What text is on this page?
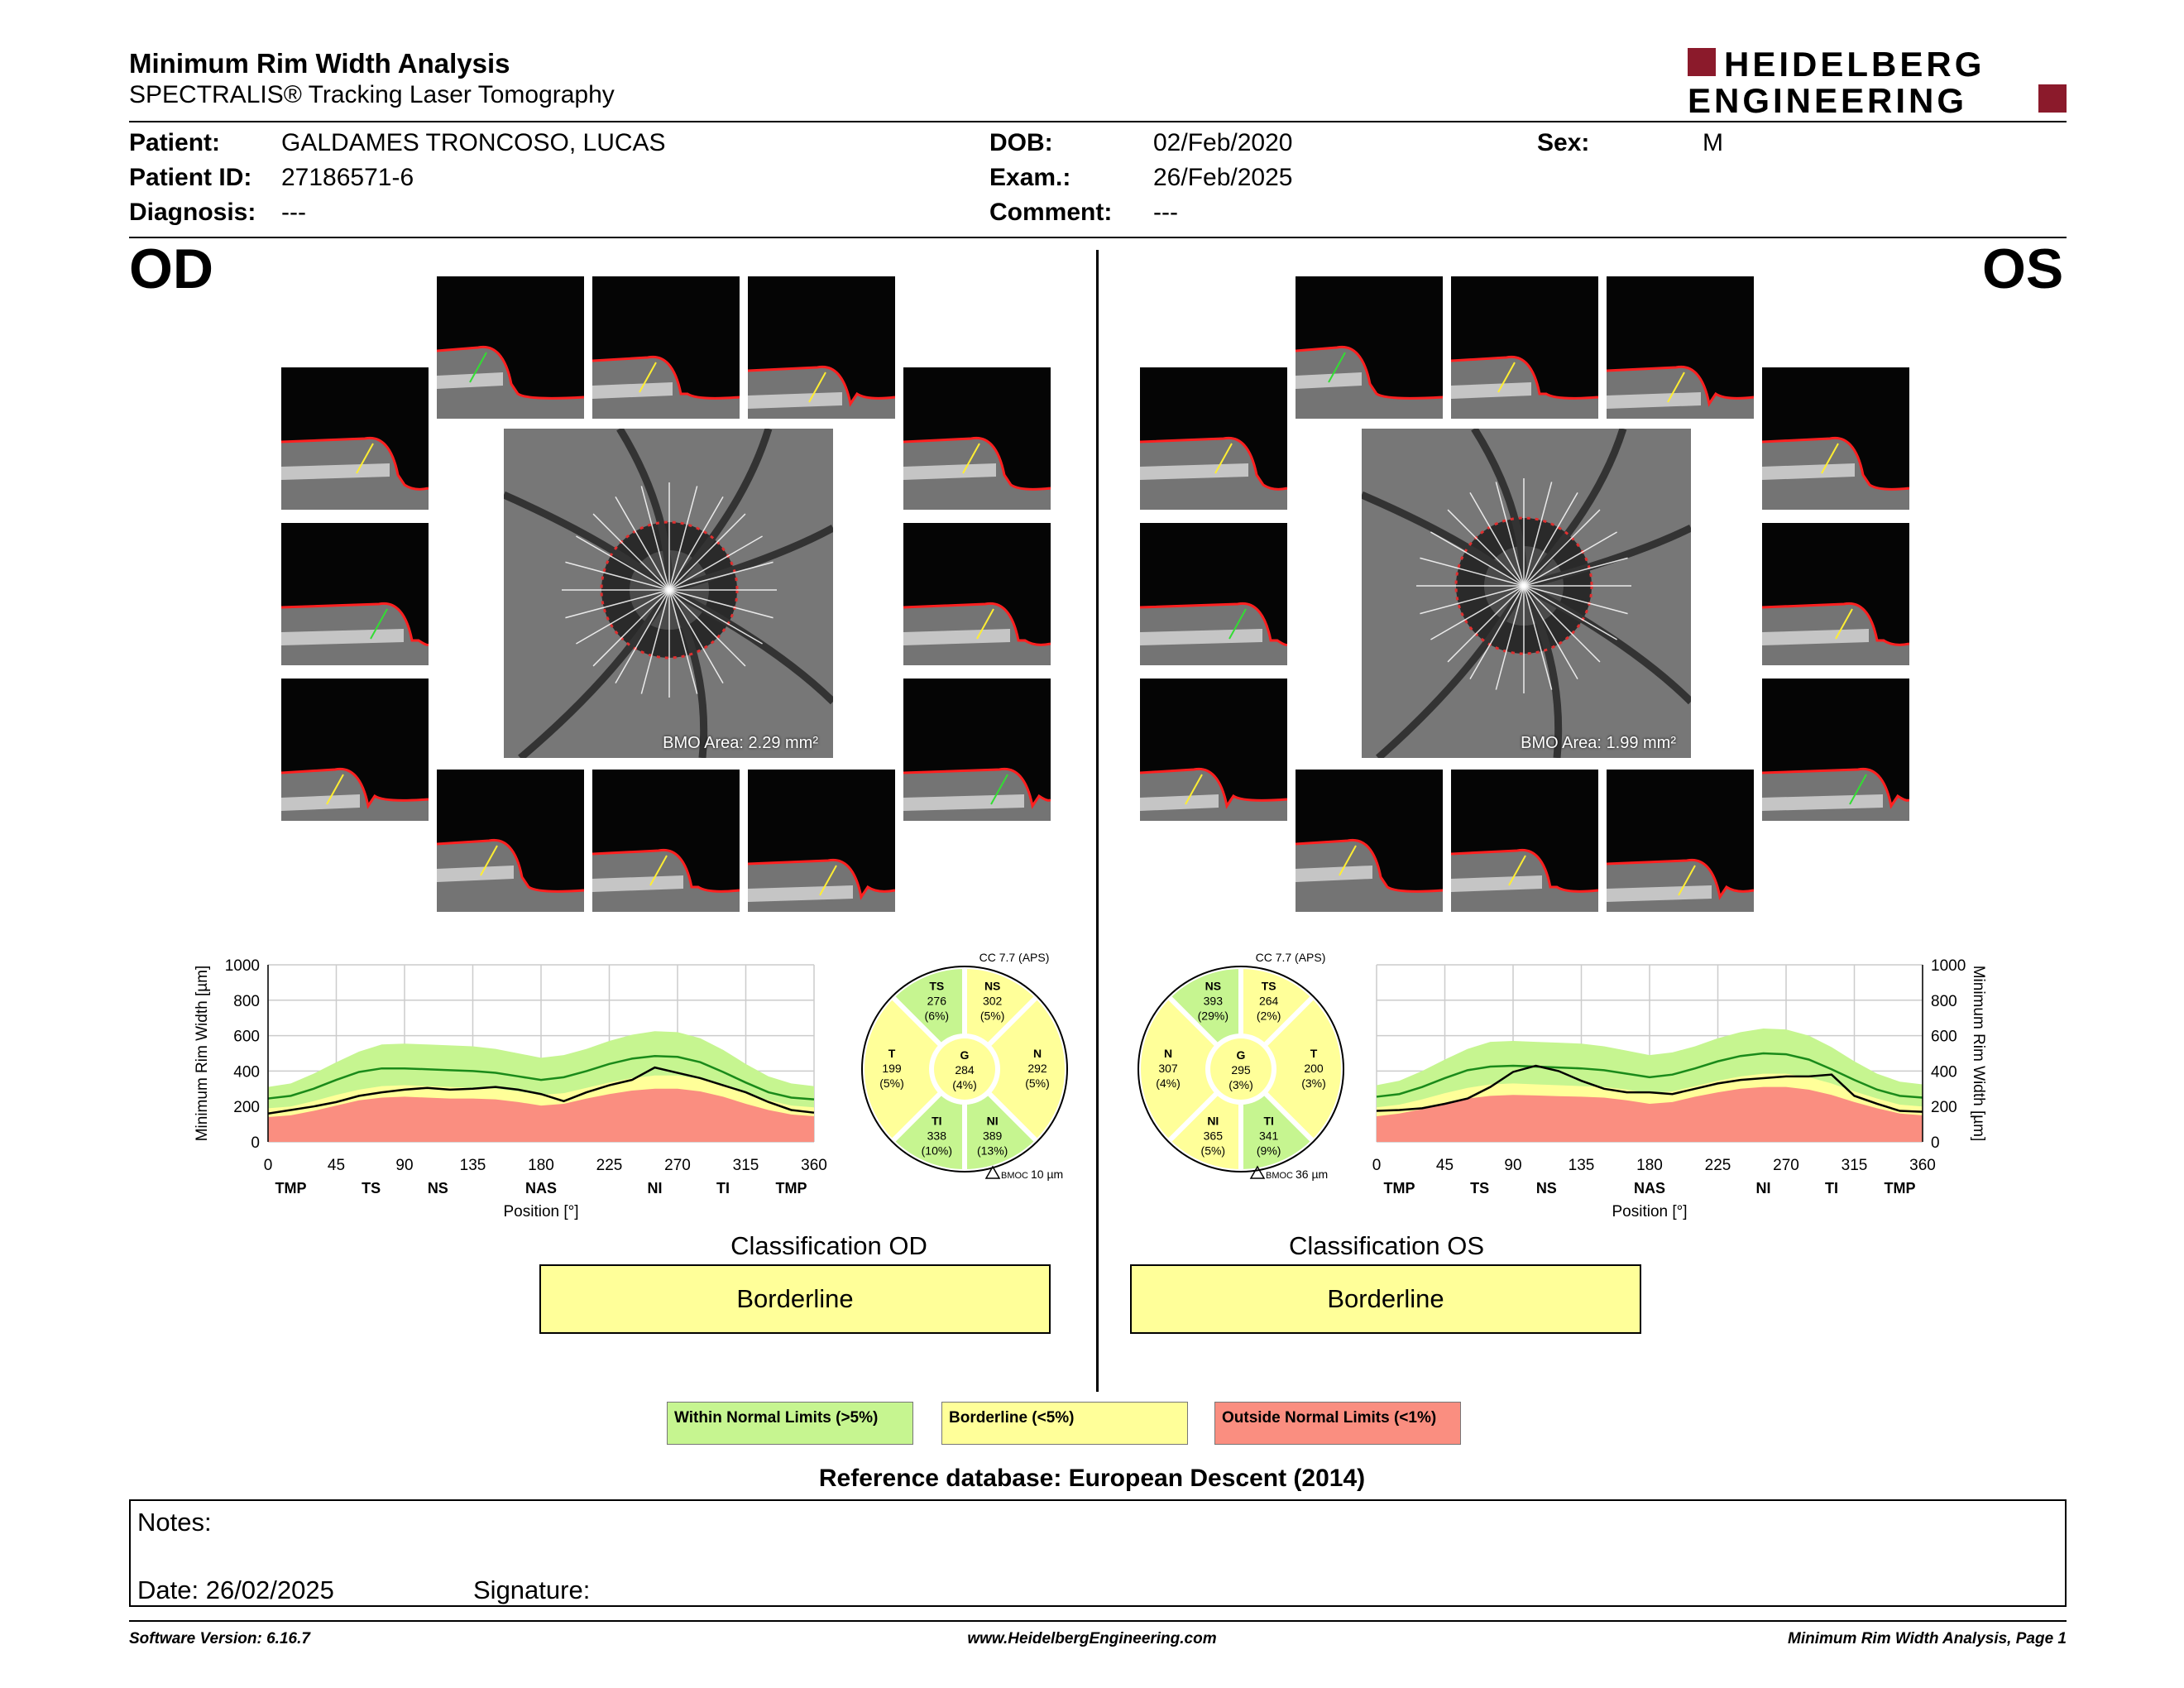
Minimum Rim Width Analysis
SPECTRALIS® Tracking Laser Tomography
HEIDELBERG
ENGINEERING
Patient: GALDAMES TRONCOSO, LUCAS
Patient ID: 27186571-6
Diagnosis: ---
DOB:	02/Feb/2020
Exam.:	26/Feb/2025
Comment: ---
Sex:	M
OD	OS
BMO Area: 2.29 mm²	BMO Area: 1.99 mm²
0
200
400
600
800
1000
0	45	90	135	180	225	270	315	360
TMP	TS	NS	NAS	NI	TI	TMP
Position [°]
Minimum Rim Width [µm]
0
200
400
600
800
1000
0	45	90	135	180	225	270	315	360
TMP	TS	NS	NAS	NI	TI	TMP
Position [°]
Minimum Rim Width [µm]
TS
276
(6%)
NS
302
(5%)
N
292
(5%)
NI
389
(13%)
TI
338
(10%)
T
199
(5%)
G
284
(4%)
CC 7.7 (APS)
BMOC 10 µm
NS
393
(29%)
TS
264
(2%)
T
200
(3%)
TI
341
(9%)
NI
365
(5%)
N
307
(4%)
G
295
(3%)
CC 7.7 (APS)
BMOC 36 µm
Classification OD
Borderline
Classification OS
Borderline
Within Normal Limits (>5%)	Borderline (<5%)	Outside Normal Limits (<1%)
Reference database: European Descent (2014)
Notes:
Date: 26/02/2025	Signature:
Software Version: 6.16.7	www.HeidelbergEngineering.com	Minimum Rim Width Analysis, Page 1
